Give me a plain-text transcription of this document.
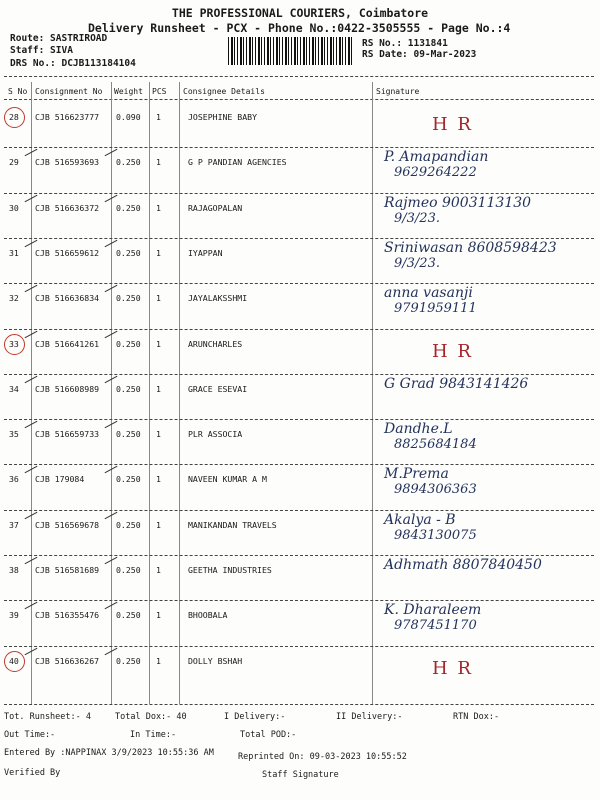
THE PROFESSIONAL COURIERS, Coimbatore
Delivery Runsheet - PCX - Phone No.:0422-3505555 - Page No.:4
Route: SASTRIROAD
Staff: SIVA
DRS No.: DCJB113184104
RS No.: 1131841
RS Date: 09-Mar-2023
S No Consignment No Weight PCS Consignee Details	Signature
28 CJB 516623777 0.090 1	JOSEPHINE BABY	H R
29 CJB 516593693 0.250 1	G P PANDIAN AGENCIES	P. Amapandian
9629264222
30 CJB 516636372 0.250 1	RAJAGOPALAN	Rajmeo 9003113130
9/3/23.
31 CJB 516659612 0.250 1	IYAPPAN	Sriniwasan 8608598423
9/3/23.
32 CJB 516636834 0.250 1	JAYALAKSSHMI	anna vasanji
9791959111
33 CJB 516641261 0.250 1	ARUNCHARLES	H R
34 CJB 516608989 0.250 1	GRACE ESEVAI	G Grad 9843141426
35 CJB 516659733 0.250 1	PLR ASSOCIA	Dandhe.L
8825684184
36 CJB 179084	0.250 1	NAVEEN KUMAR A M	M.Prema
9894306363
37 CJB 516569678 0.250 1	MANIKANDAN TRAVELS	Akalya - B
9843130075
38 CJB 516581689 0.250 1	GEETHA INDUSTRIES	Adhmath 8807840450
39 CJB 516355476 0.250 1	BHOOBALA	K. Dharaleem
9787451170
40 CJB 516636267 0.250 1	DOLLY BSHAH	H R
Tot. Runsheet:- 4	Total Dox:- 40	I Delivery:-	II Delivery:-	RTN Dox:-
Out Time:-	In Time:-	Total POD:-
Entered By :NAPPINAX 3/9/2023 10:55:36 AM	Reprinted On: 09-03-2023 10:55:52
Verified By	Staff Signature
